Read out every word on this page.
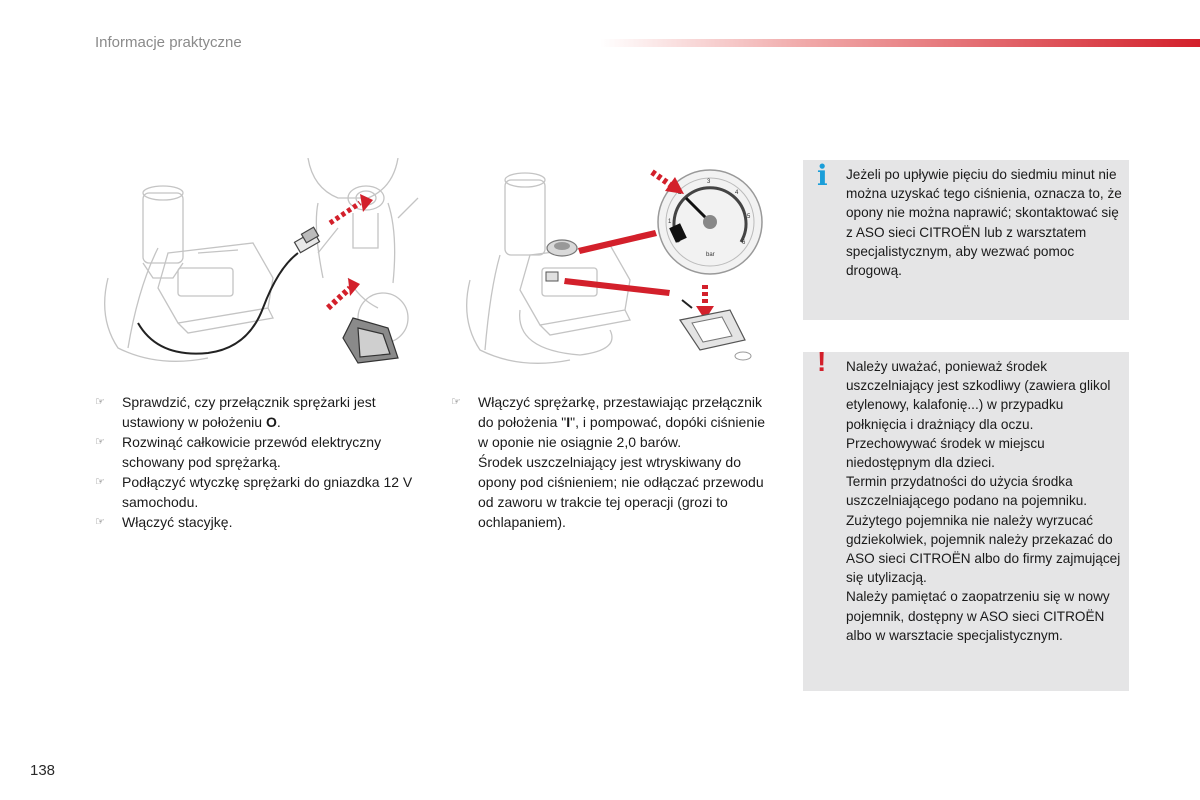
Informacje praktyczne
1
3
4
5
6
bar
☞ Sprawdzić, czy przełącznik sprężarki jest ustawiony w położeniu O.
☞ Rozwinąć całkowicie przewód elektryczny schowany pod sprężarką.
☞ Podłączyć wtyczkę sprężarki do gniazdka 12 V samochodu.
☞ Włączyć stacyjkę.
☞ Włączyć sprężarkę, przestawiając przełącznik do położenia "I", i pompować, dopóki ciśnienie w oponie nie osiągnie 2,0 barów.
Środek uszczelniający jest wtryskiwany do opony pod ciśnieniem; nie odłączać przewodu od zaworu w trakcie tej operacji (grozi to ochlapaniem).
i Jeżeli po upływie pięciu do siedmiu minut nie można uzyskać tego ciśnienia, oznacza to, że opony nie można naprawić; skontaktować się z ASO sieci CITROËN lub z warsztatem specjalistycznym, aby wezwać pomoc drogową.
! Należy uważać, ponieważ środek uszczelniający jest szkodliwy (zawiera glikol etylenowy, kalafonię...) w przypadku połknięcia i drażniący dla oczu.
Przechowywać środek w miejscu niedostępnym dla dzieci.
Termin przydatności do użycia środka uszczelniającego podano na pojemniku.
Zużytego pojemnika nie należy wyrzucać gdziekolwiek, pojemnik należy przekazać do ASO sieci CITROËN albo do firmy zajmującej się utylizacją.
Należy pamiętać o zaopatrzeniu się w nowy pojemnik, dostępny w ASO sieci CITROËN albo w warsztacie specjalistycznym.
138
